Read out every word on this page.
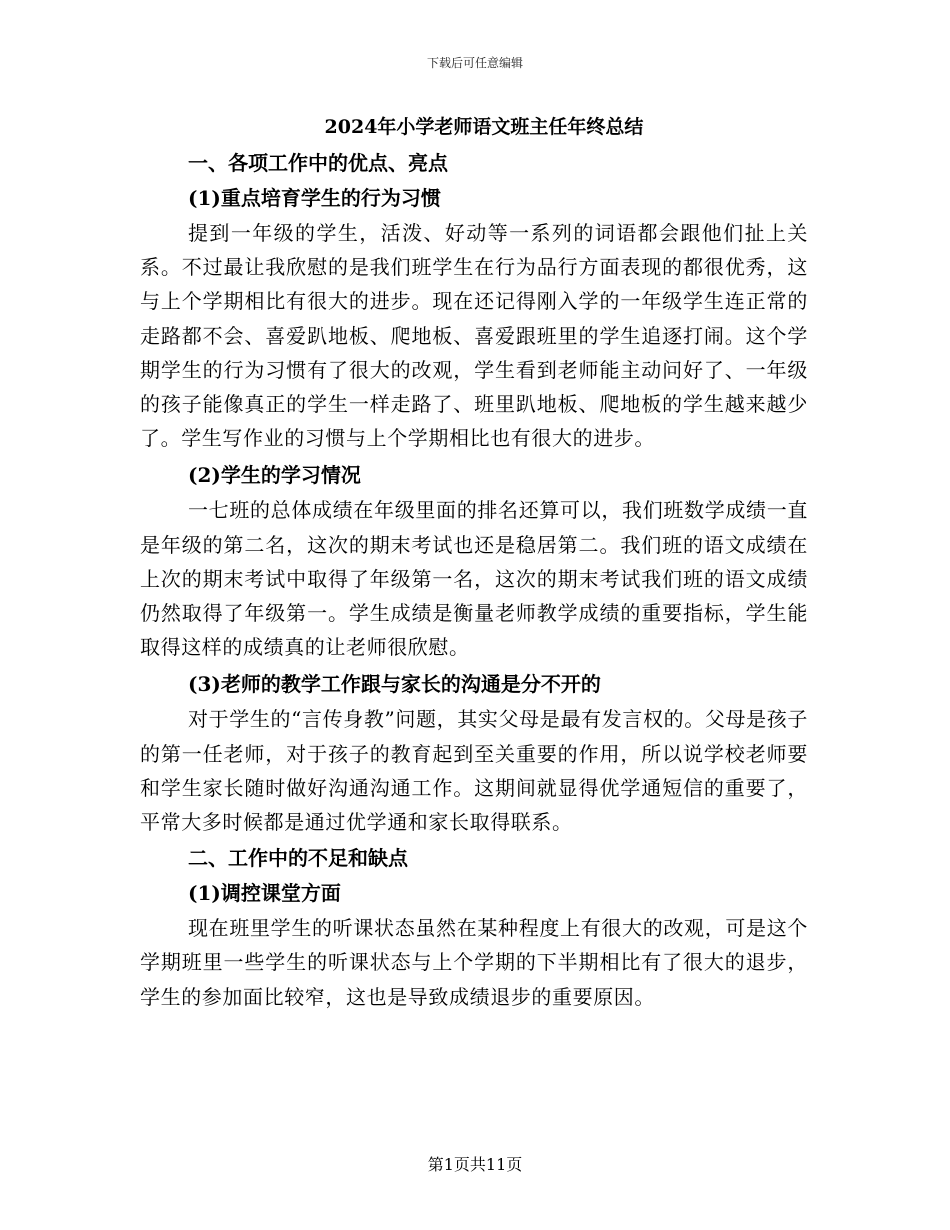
下载后可任意编辑
2024年小学老师语文班主任年终总结
一、各项工作中的优点、亮点
(1)重点培育学生的行为习惯

提到一年级的学生，活泼、好动等一系列的词语都会跟他们扯上关系。不过最让我欣慰的是我们班学生在行为品行方面表现的都很优秀，这与上个学期相比有很大的进步。现在还记得刚入学的一年级学生连正常的走路都不会、喜爱趴地板、爬地板、喜爱跟班里的学生追逐打闹。这个学期学生的行为习惯有了很大的改观，学生看到老师能主动问好了、一年级的孩子能像真正的学生一样走路了、班里趴地板、爬地板的学生越来越少了。学生写作业的习惯与上个学期相比也有很大的进步。

(2)学生的学习情况

一七班的总体成绩在年级里面的排名还算可以，我们班数学成绩一直是年级的第二名，这次的期末考试也还是稳居第二。我们班的语文成绩在上次的期末考试中取得了年级第一名，这次的期末考试我们班的语文成绩仍然取得了年级第一。学生成绩是衡量老师教学成绩的重要指标，学生能取得这样的成绩真的让老师很欣慰。

(3)老师的教学工作跟与家长的沟通是分不开的

对于学生的“言传身教”问题，其实父母是最有发言权的。父母是孩子的第一任老师，对于孩子的教育起到至关重要的作用，所以说学校老师要和学生家长随时做好沟通沟通工作。这期间就显得优学通短信的重要了，平常大多时候都是通过优学通和家长取得联系。

二、工作中的不足和缺点
(1)调控课堂方面

现在班里学生的听课状态虽然在某种程度上有很大的改观，可是这个学期班里一些学生的听课状态与上个学期的下半期相比有了很大的退步，学生的参加面比较窄，这也是导致成绩退步的重要原因。

第1页共11页
